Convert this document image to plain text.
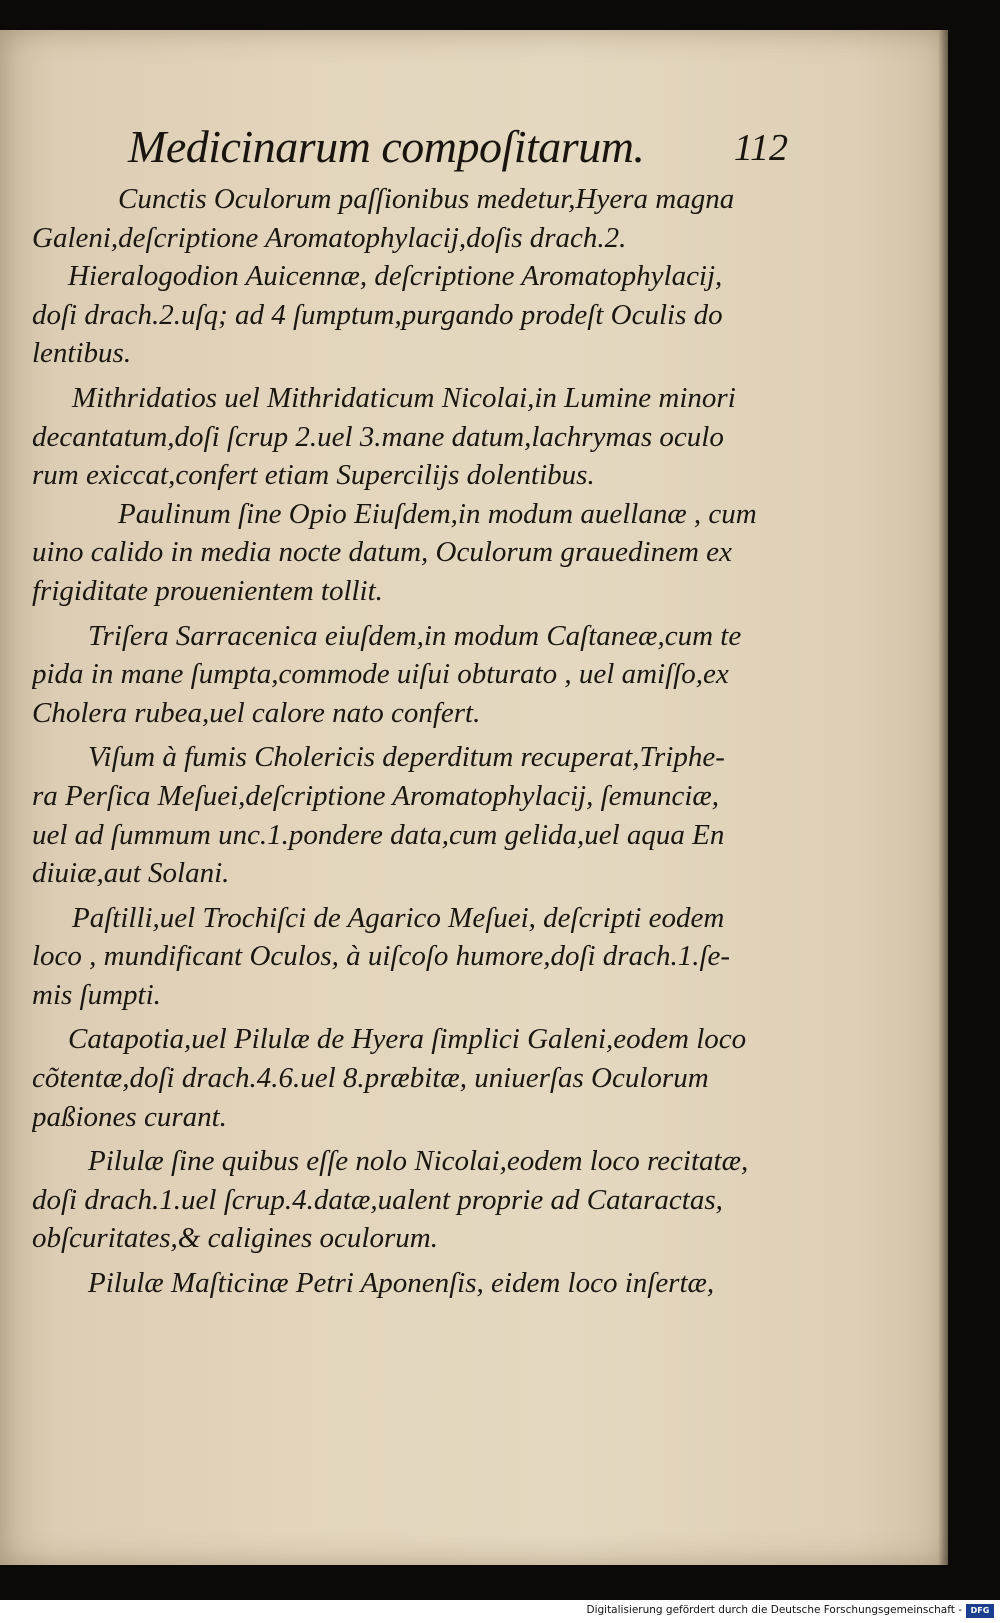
Medicinarum compoſitarum. 112
Cunctis Oculorum paſſionibus medetur,Hyera magna
Galeni,deſcriptione Aromatophylacij,doſis drach.2.
Hieralogodion Auicennæ, deſcriptione Aromatophylacij,
doſi drach.2.uſq; ad 4 ſumptum,purgando prodeſt Oculis do
lentibus.
Mithridatios uel Mithridaticum Nicolai,in Lumine minori
decantatum,doſi ſcrup 2.uel 3.mane datum,lachrymas oculo
rum exiccat,confert etiam Supercilijs dolentibus.
Paulinum ſine Opio Eiuſdem,in modum auellanæ , cum
uino calido in media nocte datum, Oculorum grauedinem ex
frigiditate prouenientem tollit.
Triſera Sarracenica eiuſdem,in modum Caſtaneæ,cum te
pida in mane ſumpta,commode uiſui obturato , uel amiſſo,ex
Cholera rubea,uel calore nato confert.
Viſum à fumis Cholericis deperditum recuperat,Triphe-
ra Perſica Meſuei,deſcriptione Aromatophylacij, ſemunciæ,
uel ad ſummum unc.1.pondere data,cum gelida,uel aqua En
diuiæ,aut Solani.
Paſtilli,uel Trochiſci de Agarico Meſuei, deſcripti eodem
loco , mundificant Oculos, à uiſcoſo humore,doſi drach.1.ſe-
mis ſumpti.
Catapotia,uel Pilulæ de Hyera ſimplici Galeni,eodem loco
cõtentæ,doſi drach.4.6.uel 8.præbitæ, uniuerſas Oculorum
paßiones curant.
Pilulæ ſine quibus eſſe nolo Nicolai,eodem loco recitatæ,
doſi drach.1.uel ſcrup.4.datæ,ualent proprie ad Cataractas,
obſcuritates,& caligines oculorum.
Pilulæ Maſticinæ Petri Aponenſis, eidem loco inſertæ,
Digitalisierung gefördert durch die Deutsche Forschungsgemeinschaft -	DFG
